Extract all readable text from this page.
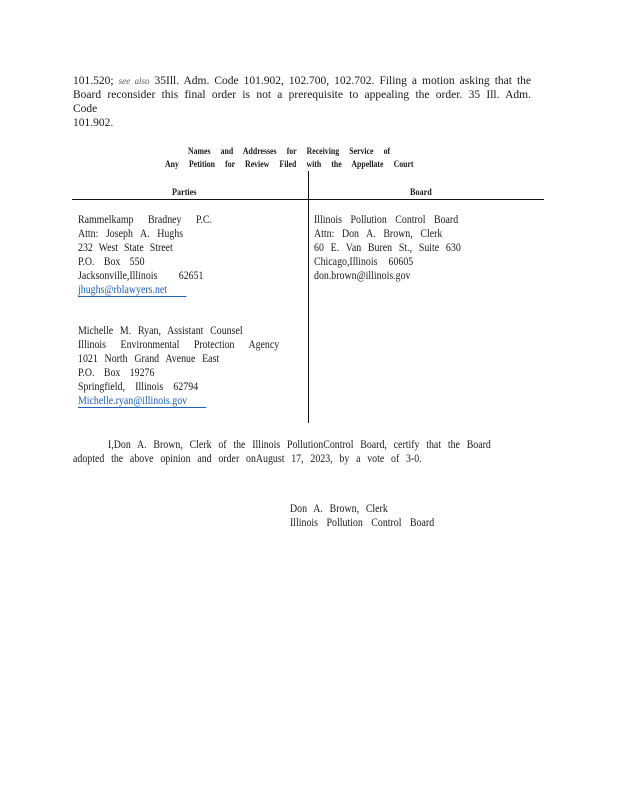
101.520; see also 35Ill. Adm. Code 101.902, 102.700, 102.702. Filing a motion asking that the
Board reconsider this final order is not a prerequisite to appealing the order. 35 Ill. Adm. Code
101.902.
Names and Addresses for Receiving Service of
Any Petition for Review Filed with the Appellate Court
Parties	Board
Rammelkamp Bradney P.C.
Attn: Joseph A. Hughs
232 West State Street
P.O. Box 550
Jacksonville,Illinois 62651
jhughs@rblawyers.net
Michelle M. Ryan, Assistant Counsel
Illinois Environmental Protection Agency
1021 North Grand Avenue East
P.O. Box 19276
Springfield, Illinois 62794
Michelle.ryan@illinois.gov
Illinois Pollution Control Board
Attn: Don A. Brown, Clerk
60 E. Van Buren St., Suite 630
Chicago,Illinois 60605
don.brown@illinois.gov
I,Don A. Brown, Clerk of the Illinois PollutionControl Board, certify that the Board
adopted the above opinion and order onAugust 17, 2023, by a vote of 3-0.
Don A. Brown, Clerk
Illinois Pollution Control Board
